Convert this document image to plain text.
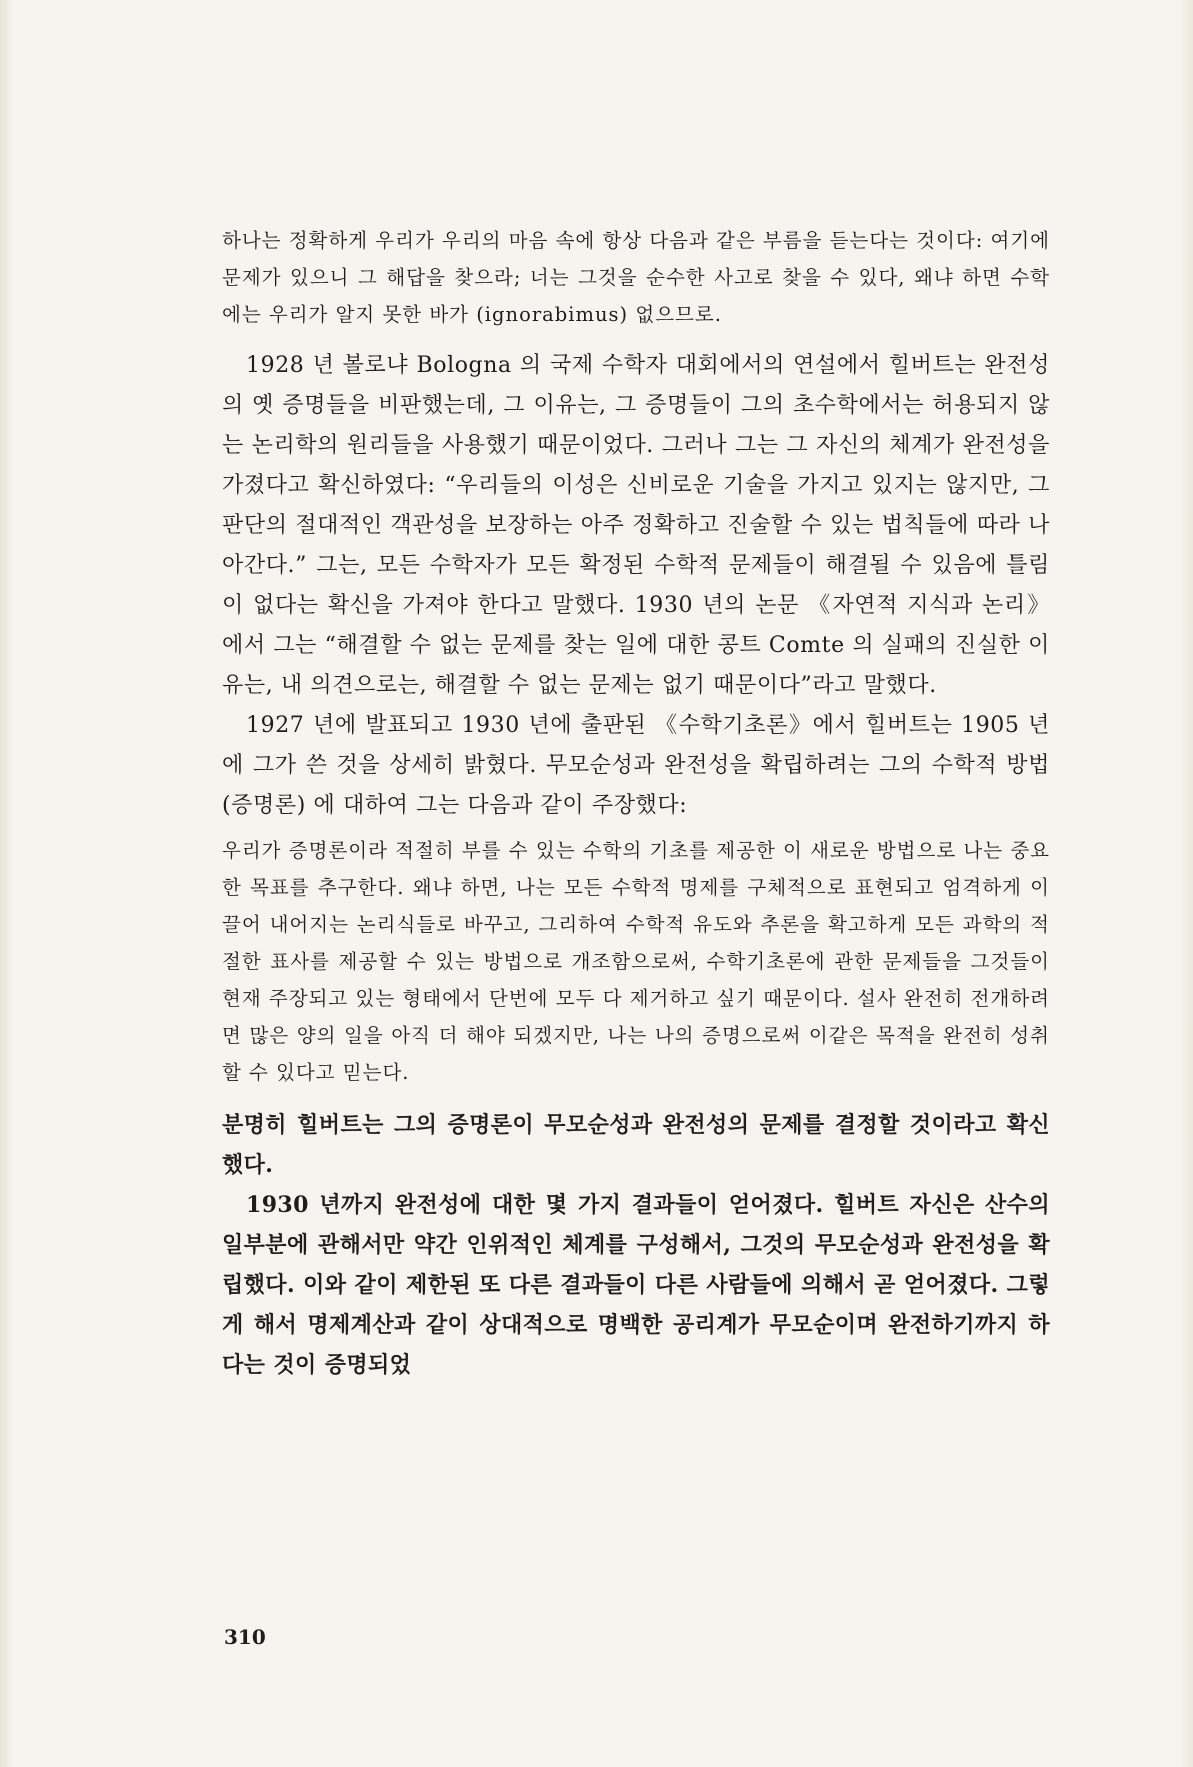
하나는 정확하게 우리가 우리의 마음 속에 항상 다음과 같은 부름을 듣는다는 것이다: 여기에 문제가 있으니 그 해답을 찾으라; 너는 그것을 순수한 사고로 찾을 수 있다, 왜냐 하면 수학에는 우리가 알지 못한 바가 (ignorabimus) 없으므로.

1928 년 볼로냐 Bologna 의 국제 수학자 대회에서의 연설에서 힐버트는 완전성의 옛 증명들을 비판했는데, 그 이유는, 그 증명들이 그의 초수학에서는 허용되지 않는 논리학의 원리들을 사용했기 때문이었다. 그러나 그는 그 자신의 체계가 완전성을 가졌다고 확신하였다: “우리들의 이성은 신비로운 기술을 가지고 있지는 않지만, 그 판단의 절대적인 객관성을 보장하는 아주 정확하고 진술할 수 있는 법칙들에 따라 나아간다.” 그는, 모든 수학자가 모든 확정된 수학적 문제들이 해결될 수 있음에 틀림이 없다는 확신을 가져야 한다고 말했다. 1930 년의 논문 《자연적 지식과 논리》에서 그는 “해결할 수 없는 문제를 찾는 일에 대한 콩트 Comte 의 실패의 진실한 이유는, 내 의견으로는, 해결할 수 없는 문제는 없기 때문이다”라고 말했다.

1927 년에 발표되고 1930 년에 출판된 《수학기초론》에서 힐버트는 1905 년에 그가 쓴 것을 상세히 밝혔다. 무모순성과 완전성을 확립하려는 그의 수학적 방법 (증명론) 에 대하여 그는 다음과 같이 주장했다:

우리가 증명론이라 적절히 부를 수 있는 수학의 기초를 제공한 이 새로운 방법으로 나는 중요한 목표를 추구한다. 왜냐 하면, 나는 모든 수학적 명제를 구체적으로 표현되고 엄격하게 이끌어 내어지는 논리식들로 바꾸고, 그리하여 수학적 유도와 추론을 확고하게 모든 과학의 적절한 표사를 제공할 수 있는 방법으로 개조함으로써, 수학기초론에 관한 문제들을 그것들이 현재 주장되고 있는 형태에서 단번에 모두 다 제거하고 싶기 때문이다. 설사 완전히 전개하려면 많은 양의 일을 아직 더 해야 되겠지만, 나는 나의 증명으로써 이같은 목적을 완전히 성취할 수 있다고 믿는다.

분명히 힐버트는 그의 증명론이 무모순성과 완전성의 문제를 결정할 것이라고 확신했다.

1930 년까지 완전성에 대한 몇 가지 결과들이 얻어졌다. 힐버트 자신은 산수의 일부분에 관해서만 약간 인위적인 체계를 구성해서, 그것의 무모순성과 완전성을 확립했다. 이와 같이 제한된 또 다른 결과들이 다른 사람들에 의해서 곧 얻어졌다. 그렇게 해서 명제계산과 같이 상대적으로 명백한 공리계가 무모순이며 완전하기까지 하다는 것이 증명되었

310
